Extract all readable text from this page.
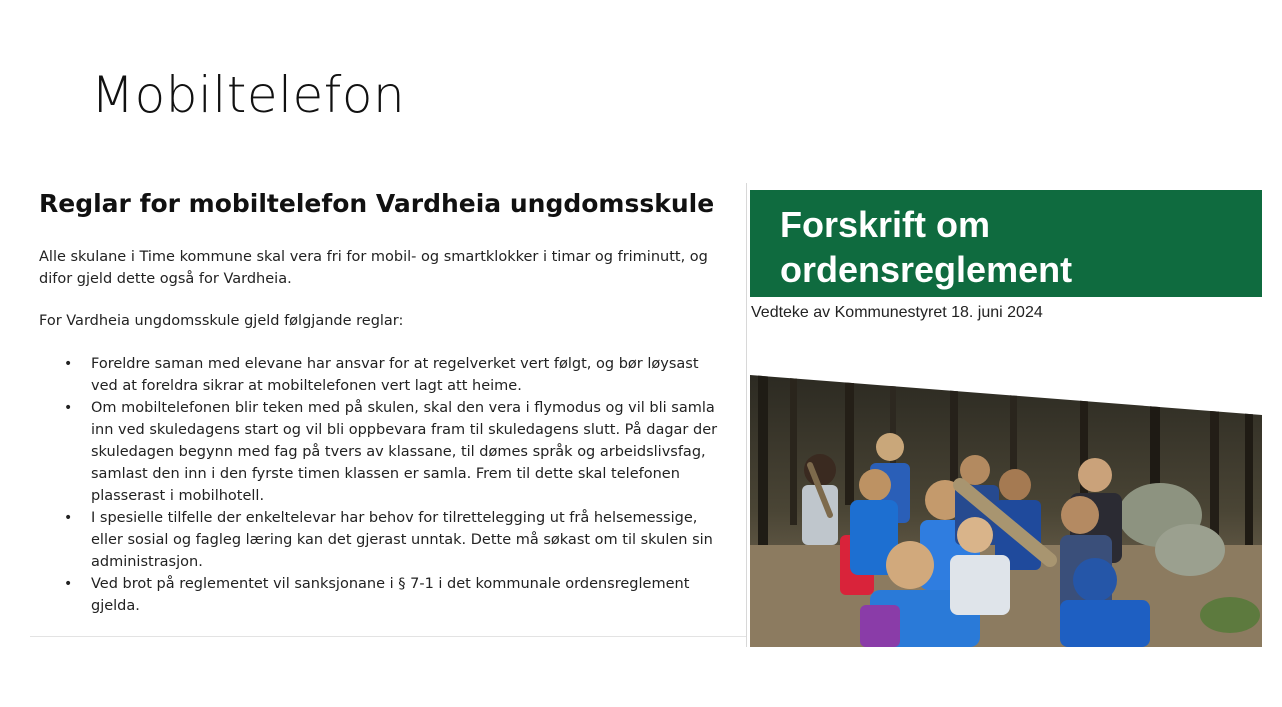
Mobiltelefon
Reglar for mobiltelefon Vardheia ungdomsskule

Alle skulane i Time kommune skal vera fri for mobil- og smartklokker i timar og friminutt, og difor gjeld dette også for Vardheia.

For Vardheia ungdomsskule gjeld følgjande reglar:

• Foreldre saman med elevane har ansvar for at regelverket vert følgt, og bør løysast ved at foreldra sikrar at mobiltelefonen vert lagt att heime.
• Om mobiltelefonen blir teken med på skulen, skal den vera i flymodus og vil bli samla inn ved skuledagens start og vil bli oppbevara fram til skuledagens slutt. På dagar der skuledagen begynn med fag på tvers av klassane, til dømes språk og arbeidslivsfag, samlast den inn i den fyrste timen klassen er samla. Frem til dette skal telefonen plasserast i mobilhotell.
• I spesielle tilfelle der enkeltelevar har behov for tilrettelegging ut frå helsemessige, eller sosial og fagleg læring kan det gjerast unntak. Dette må søkast om til skulen sin administrasjon.
• Ved brot på reglementet vil sanksjonane i § 7-1 i det kommunale ordensreglement gjelda.

Forskrift om ordensreglement

Vedteke av Kommunestyret 18. juni 2024
